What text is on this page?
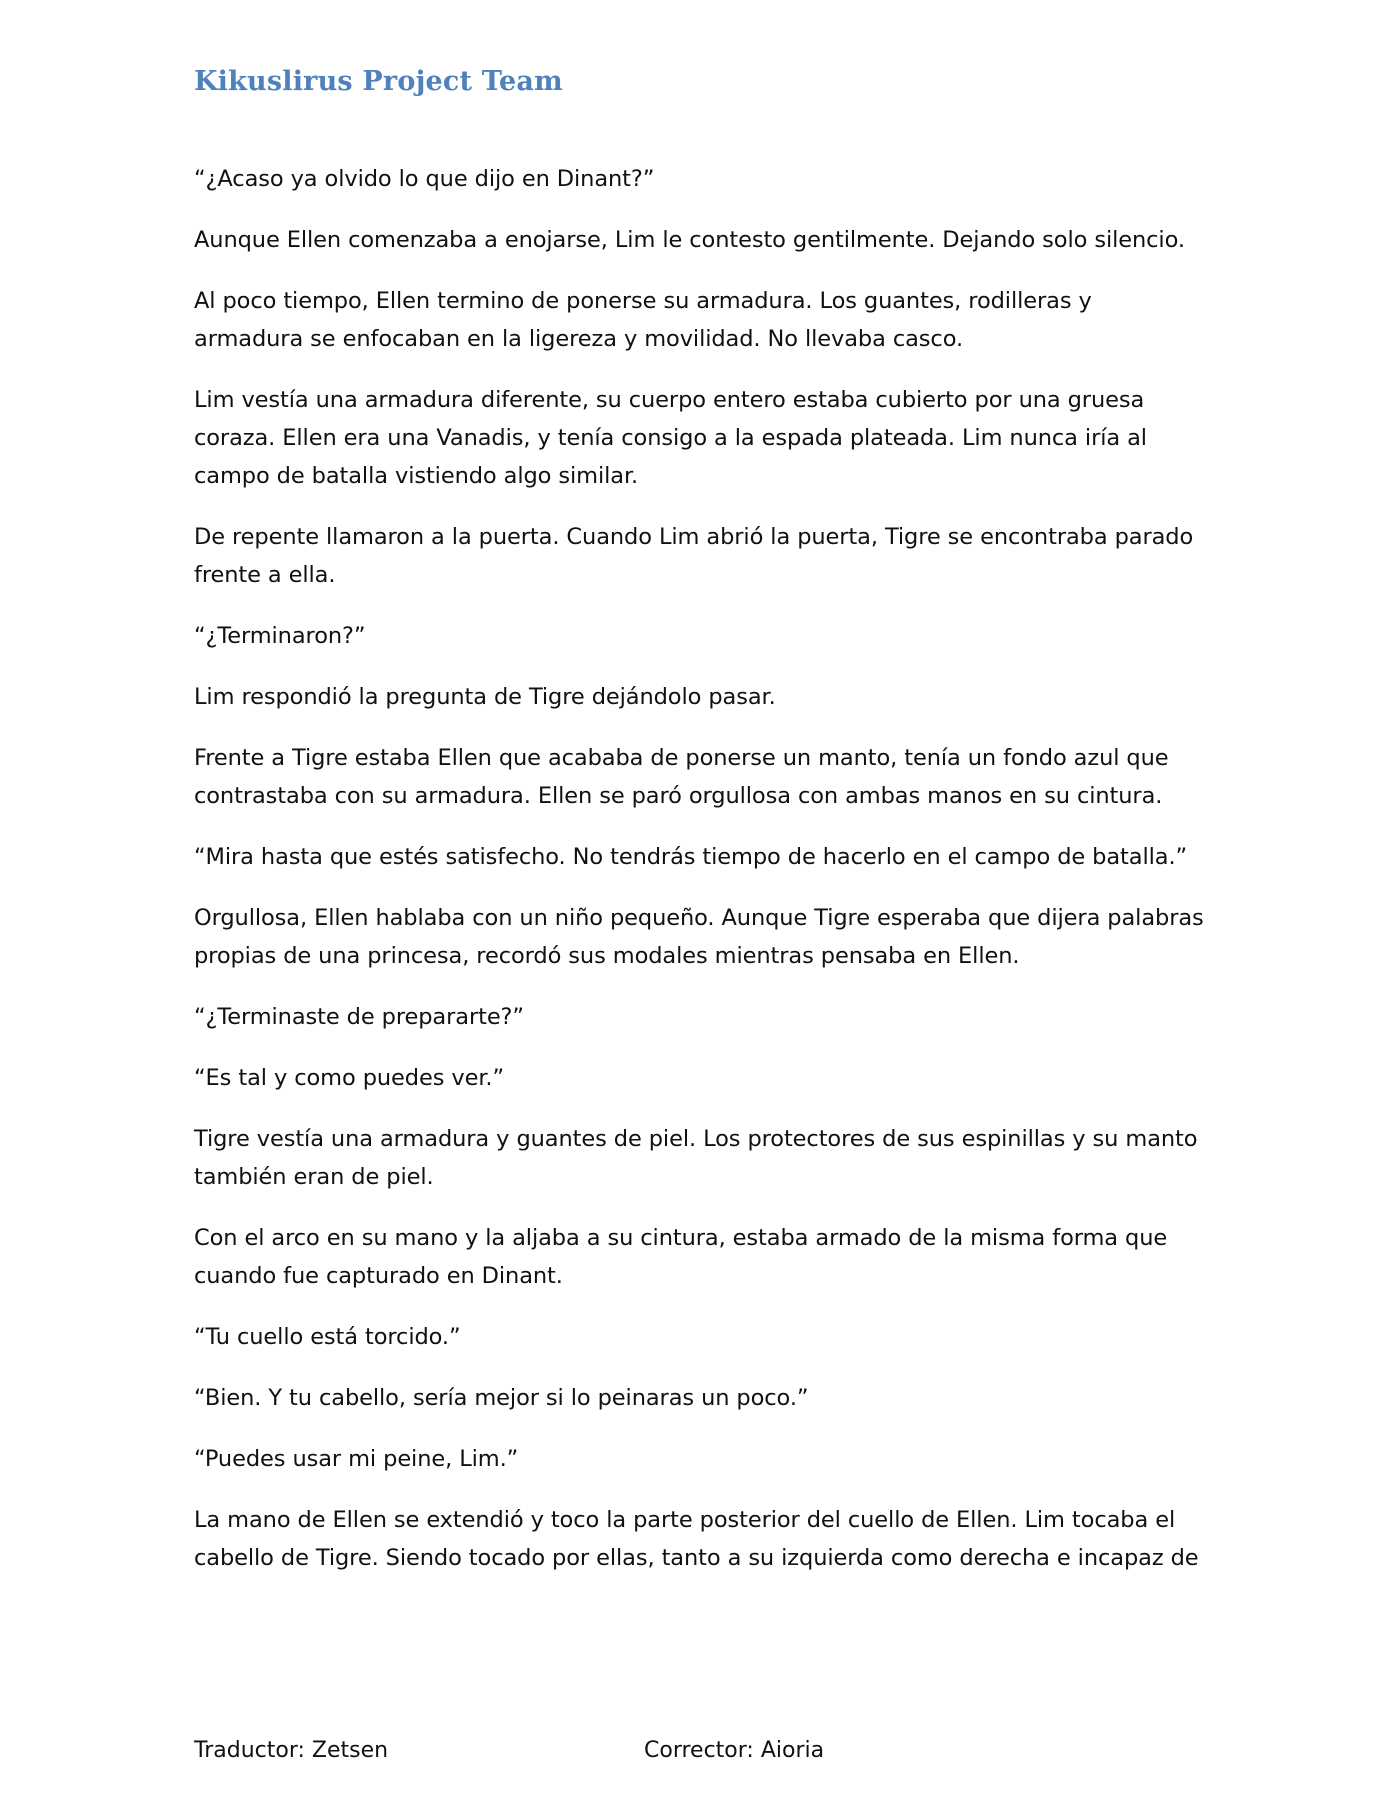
Kikuslirus Project Team

“¿Acaso ya olvido lo que dijo en Dinant?”

Aunque Ellen comenzaba a enojarse, Lim le contesto gentilmente. Dejando solo silencio.

Al poco tiempo, Ellen termino de ponerse su armadura. Los guantes, rodilleras y armadura se enfocaban en la ligereza y movilidad. No llevaba casco.

Lim vestía una armadura diferente, su cuerpo entero estaba cubierto por una gruesa coraza. Ellen era una Vanadis, y tenía consigo a la espada plateada. Lim nunca iría al campo de batalla vistiendo algo similar.

De repente llamaron a la puerta. Cuando Lim abrió la puerta, Tigre se encontraba parado frente a ella.

“¿Terminaron?”

Lim respondió la pregunta de Tigre dejándolo pasar.

Frente a Tigre estaba Ellen que acababa de ponerse un manto, tenía un fondo azul que contrastaba con su armadura. Ellen se paró orgullosa con ambas manos en su cintura.

“Mira hasta que estés satisfecho. No tendrás tiempo de hacerlo en el campo de batalla.”

Orgullosa, Ellen hablaba con un niño pequeño. Aunque Tigre esperaba que dijera palabras propias de una princesa, recordó sus modales mientras pensaba en Ellen.

“¿Terminaste de prepararte?”

“Es tal y como puedes ver.”

Tigre vestía una armadura y guantes de piel. Los protectores de sus espinillas y su manto también eran de piel.

Con el arco en su mano y la aljaba a su cintura, estaba armado de la misma forma que cuando fue capturado en Dinant.

“Tu cuello está torcido.”

“Bien. Y tu cabello, sería mejor si lo peinaras un poco.”

“Puedes usar mi peine, Lim.”

La mano de Ellen se extendió y toco la parte posterior del cuello de Ellen. Lim tocaba el cabello de Tigre. Siendo tocado por ellas, tanto a su izquierda como derecha e incapaz de

Traductor: Zetsen	Corrector: Aioria
